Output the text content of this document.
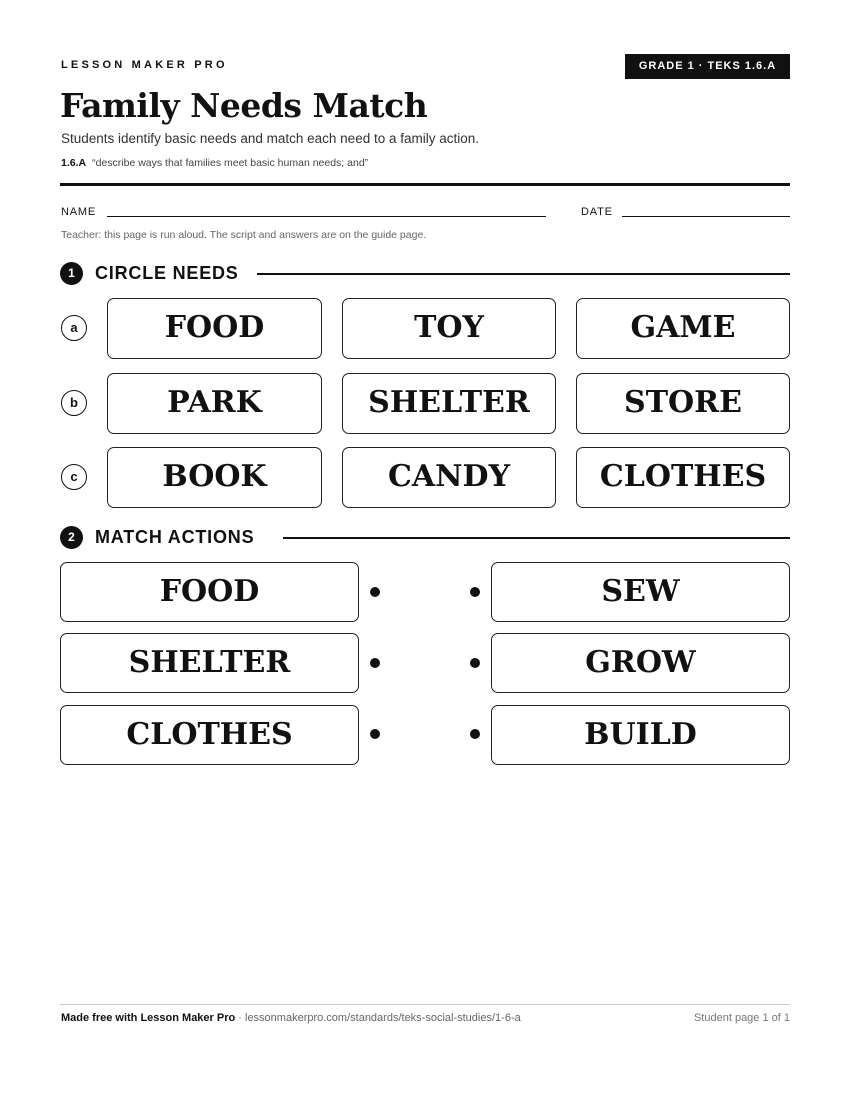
LESSON MAKER PRO	GRADE 1 · TEKS 1.6.A
Family Needs Match
Students identify basic needs and match each need to a family action.
1.6.A “describe ways that families meet basic human needs; and”
NAME	DATE
Teacher: this page is run aloud. The script and answers are on the guide page.
1	CIRCLE NEEDS
a	FOOD	TOY	GAME
b	PARK	SHELTER	STORE
c	BOOK	CANDY	CLOTHES
2	MATCH ACTIONS
FOOD	SEW
SHELTER	GROW
CLOTHES	BUILD
Made free with Lesson Maker Pro · lessonmakerpro.com/standards/teks-social-studies/1-6-a	Student page 1 of 1
